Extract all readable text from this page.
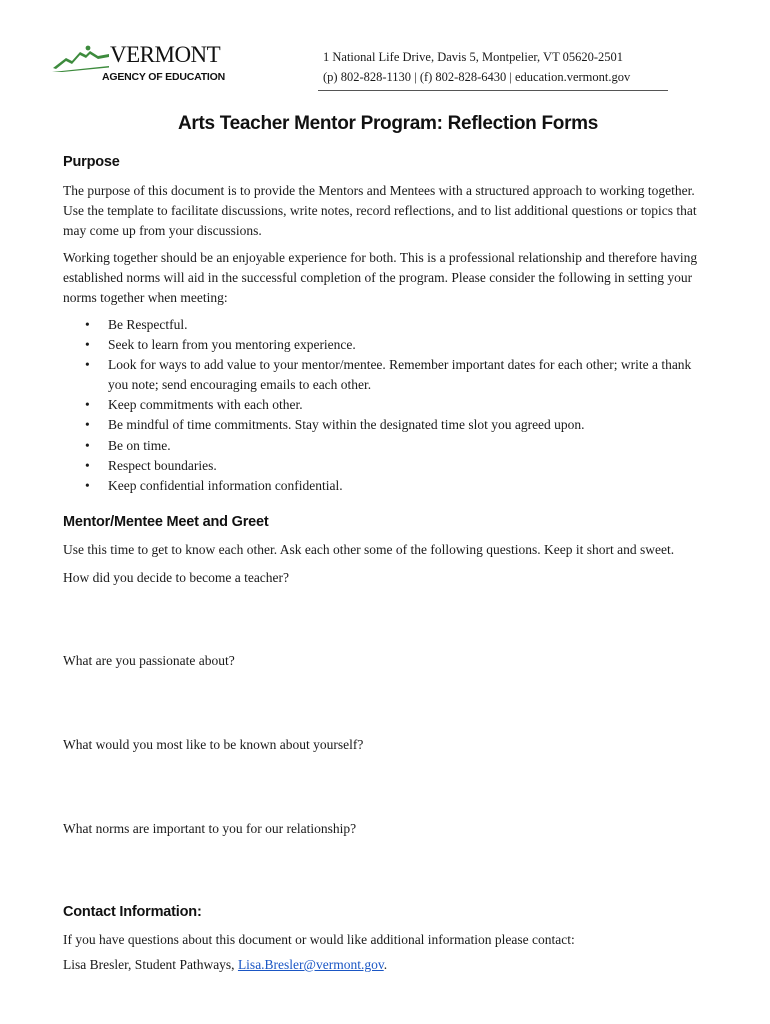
VERMONT
AGENCY OF EDUCATION
1 National Life Drive, Davis 5, Montpelier, VT 05620-2501
(p) 802-828-1130 | (f) 802-828-6430 | education.vermont.gov
Arts Teacher Mentor Program: Reflection Forms
Purpose

The purpose of this document is to provide the Mentors and Mentees with a structured approach to working together. Use the template to facilitate discussions, write notes, record reflections, and to list additional questions or topics that may come up from your discussions.

Working together should be an enjoyable experience for both. This is a professional relationship and therefore having established norms will aid in the successful completion of the program. Please consider the following in setting your norms together when meeting:

• Be Respectful.
• Seek to learn from you mentoring experience.
• Look for ways to add value to your mentor/mentee. Remember important dates for each other; write a thank you note; send encouraging emails to each other.
• Keep commitments with each other.
• Be mindful of time commitments. Stay within the designated time slot you agreed upon.
• Be on time.
• Respect boundaries.
• Keep confidential information confidential.
Mentor/Mentee Meet and Greet

Use this time to get to know each other. Ask each other some of the following questions. Keep it short and sweet.

How did you decide to become a teacher?

What are you passionate about?

What would you most like to be known about yourself?

What norms are important to you for our relationship?

Contact Information:

If you have questions about this document or would like additional information please contact:

Lisa Bresler, Student Pathways, Lisa.Bresler@vermont.gov.
